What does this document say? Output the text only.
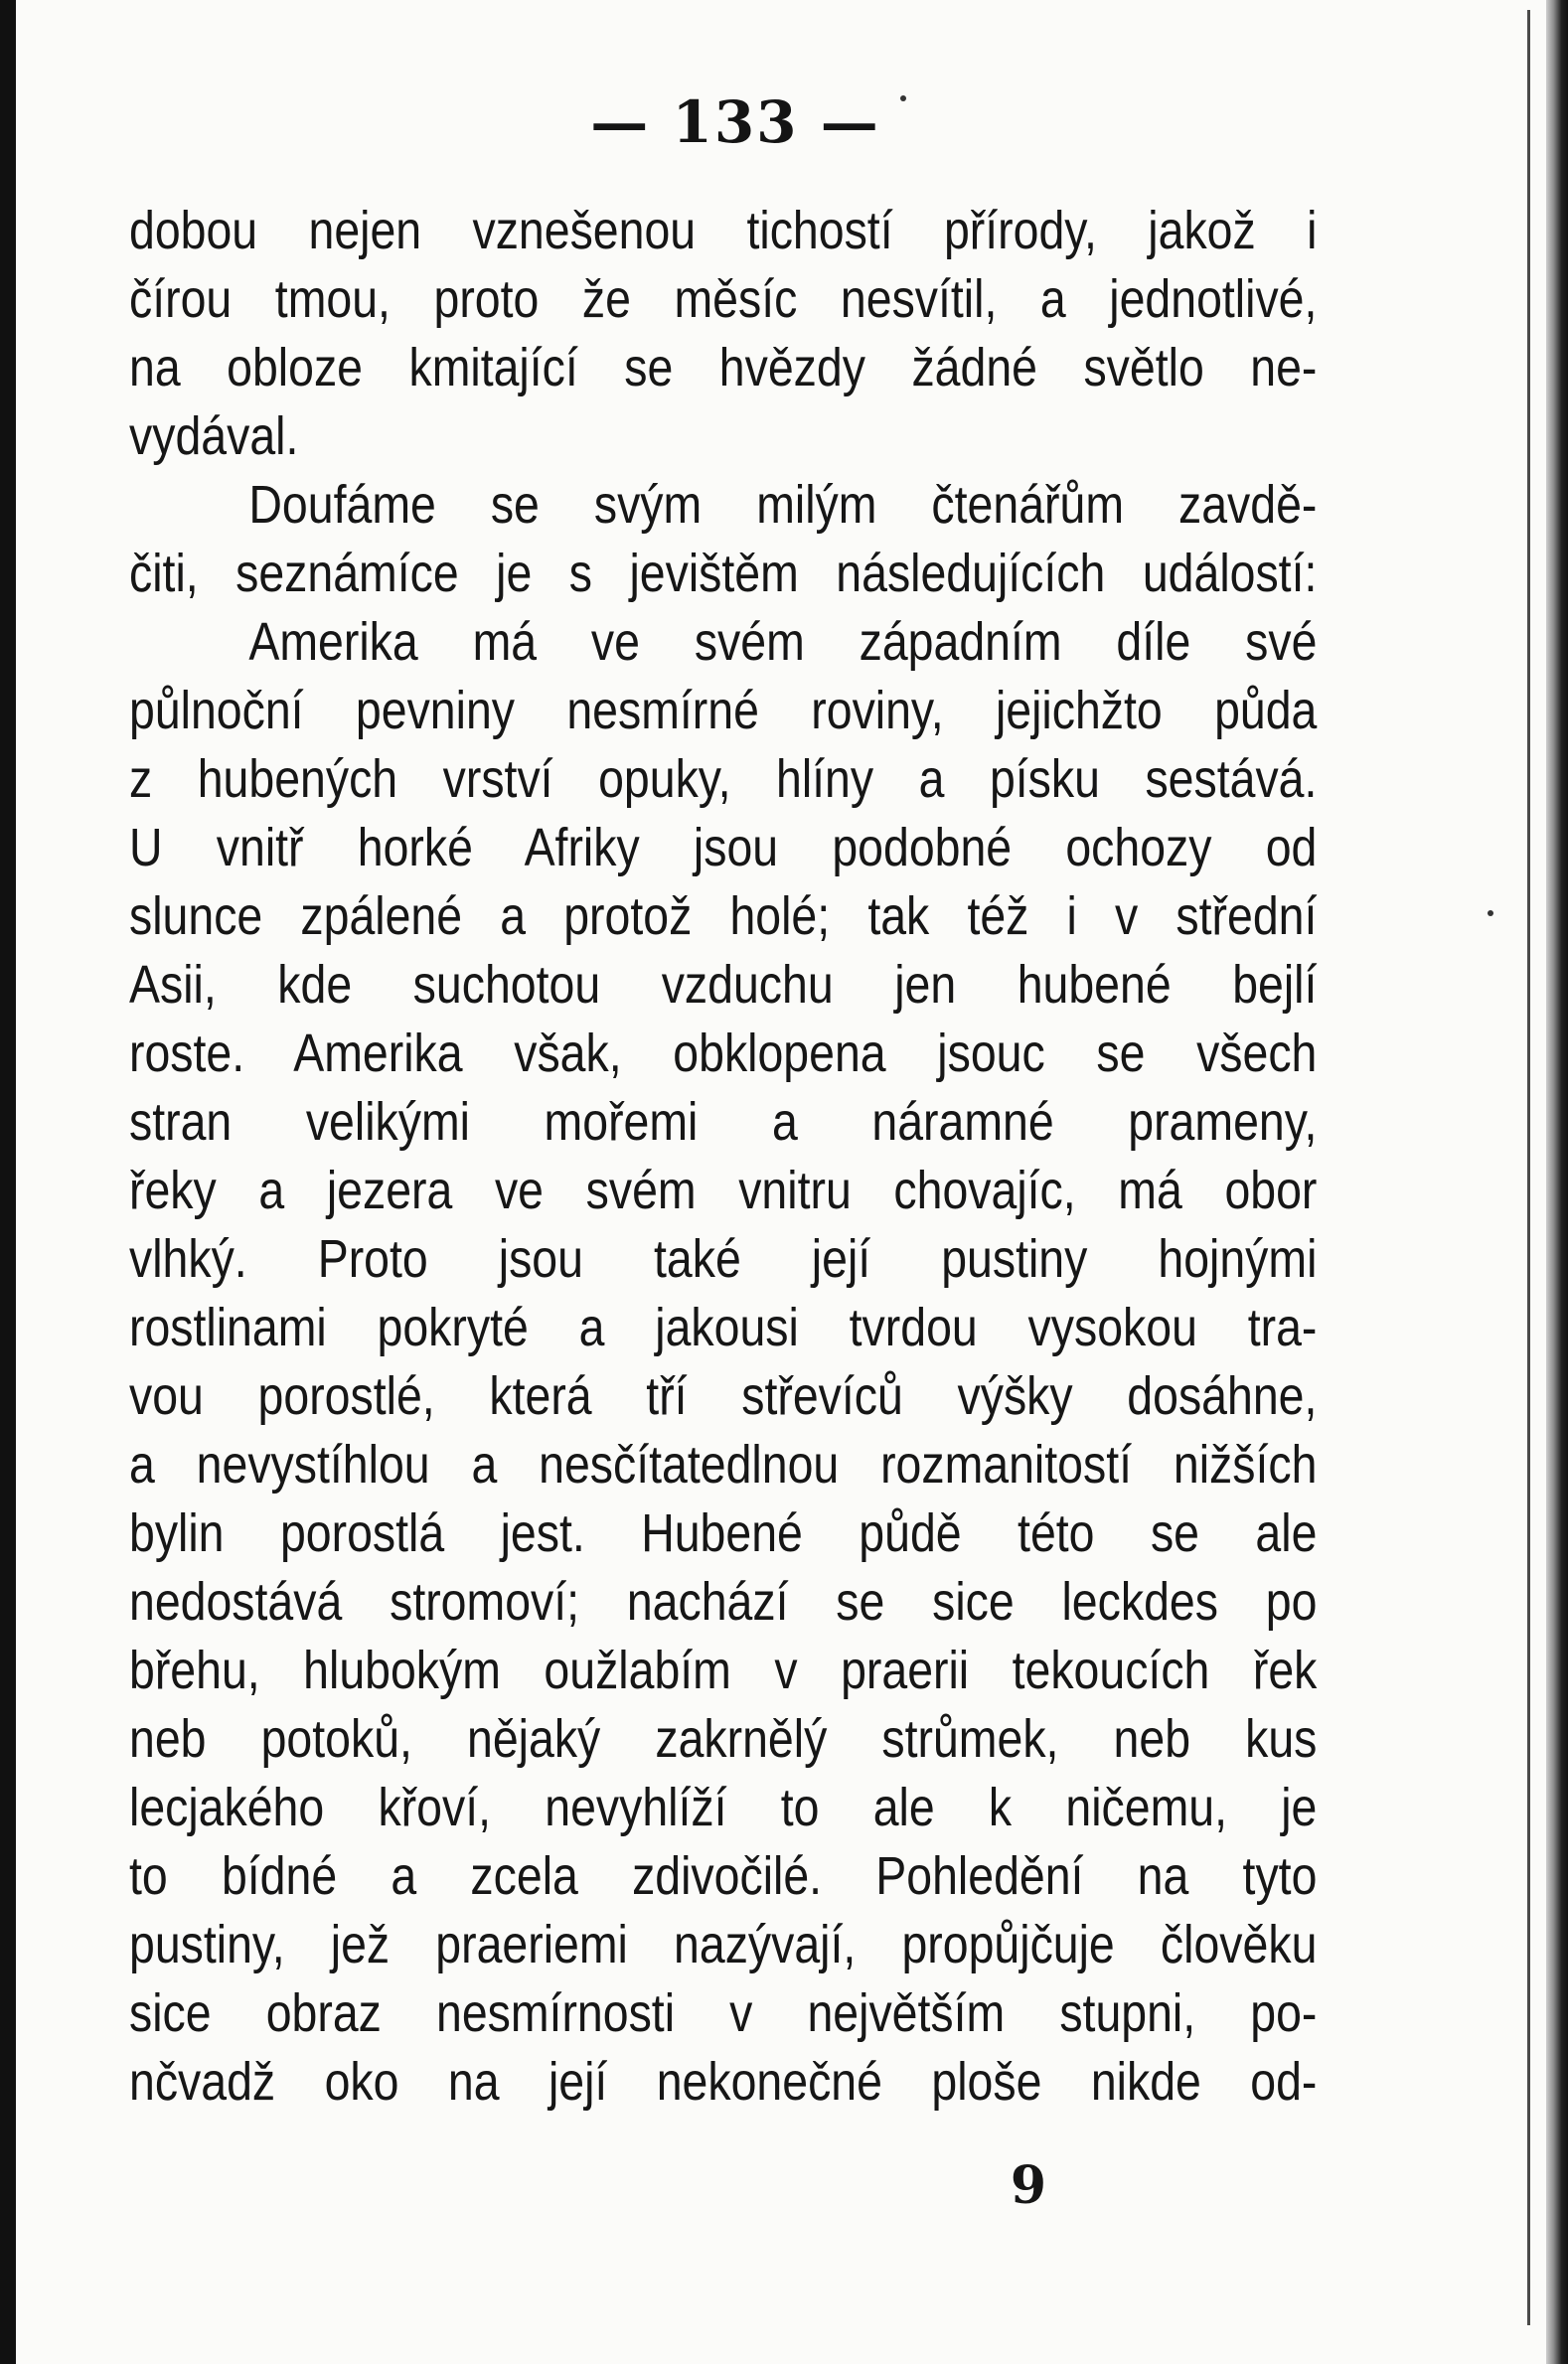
— 133 —
dobou nejen vznešenou tichostí přírody, jakož i
čírou tmou, proto že měsíc nesvítil, a jednotlivé,
na obloze kmitající se hvězdy žádné světlo ne-
vydával.
Doufáme se svým milým čtenářům zavdě-
čiti, seznámíce je s jevištěm následujících událostí:
Amerika má ve svém západním díle své
půlnoční pevniny nesmírné roviny, jejichžto půda
z hubených vrství opuky, hlíny a písku sestává.
U vnitř horké Afriky jsou podobné ochozy od
slunce zpálené a protož holé; tak též i v střední
Asii, kde suchotou vzduchu jen hubené bejlí
roste. Amerika však, obklopena jsouc se všech
stran velikými mořemi a náramné prameny,
řeky a jezera ve svém vnitru chovajíc, má obor
vlhký. Proto jsou také její pustiny hojnými
rostlinami pokryté a jakousi tvrdou vysokou tra-
vou porostlé, která tří střevíců výšky dosáhne,
a nevystíhlou a nesčítatedlnou rozmanitostí nižších
bylin porostlá jest. Hubené půdě této se ale
nedostává stromoví; nachází se sice leckdes po
břehu, hlubokým oužlabím v praerii tekoucích řek
neb potoků, nějaký zakrnělý strůmek, neb kus
lecjakého křoví, nevyhlíží to ale k ničemu, je
to bídné a zcela zdivočilé. Pohledění na tyto
pustiny, jež praeriemi nazývají, propůjčuje člověku
sice obraz nesmírnosti v největším stupni, po-
nčvadž oko na její nekonečné ploše nikde od-
9
